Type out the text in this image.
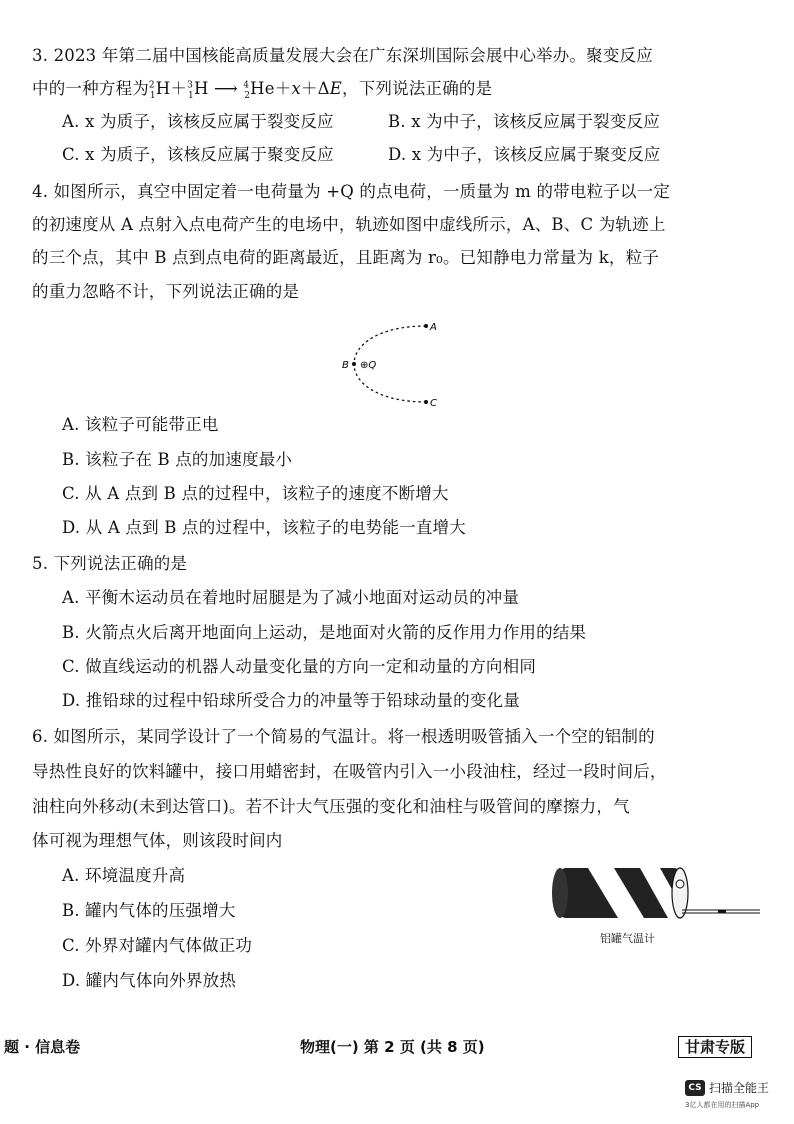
3. 2023 年第二届中国核能高质量发展大会在广东深圳国际会展中心举办。聚变反应
中的一种方程为$^2_1$H＋$^3_1$H ⟶ $^4_2$He＋x＋ΔE，下列说法正确的是
A. x 为质子，该核反应属于裂变反应	B. x 为中子，该核反应属于裂变反应
C. x 为质子，该核反应属于聚变反应	D. x 为中子，该核反应属于聚变反应
4. 如图所示，真空中固定着一电荷量为 +Q 的点电荷，一质量为 m 的带电粒子以一定
的初速度从 A 点射入点电荷产生的电场中，轨迹如图中虚线所示，A、B、C 为轨迹上
的三个点，其中 B 点到点电荷的距离最近，且距离为 r₀。已知静电力常量为 k，粒子
的重力忽略不计，下列说法正确的是
A
C
B ⊕Q
A. 该粒子可能带正电
B. 该粒子在 B 点的加速度最小
C. 从 A 点到 B 点的过程中，该粒子的速度不断增大
D. 从 A 点到 B 点的过程中，该粒子的电势能一直增大
5. 下列说法正确的是
A. 平衡木运动员在着地时屈腿是为了减小地面对运动员的冲量
B. 火箭点火后离开地面向上运动，是地面对火箭的反作用力作用的结果
C. 做直线运动的机器人动量变化量的方向一定和动量的方向相同
D. 推铅球的过程中铅球所受合力的冲量等于铅球动量的变化量
6. 如图所示，某同学设计了一个简易的气温计。将一根透明吸管插入一个空的铝制的
导热性良好的饮料罐中，接口用蜡密封，在吸管内引入一小段油柱，经过一段时间后，
油柱向外移动(未到达管口)。若不计大气压强的变化和油柱与吸管间的摩擦力，气
体可视为理想气体，则该段时间内
A. 环境温度升高
B. 罐内气体的压强增大
C. 外界对罐内气体做正功
D. 罐内气体向外界放热
铝罐气温计
题 · 信息卷	物理(一) 第 2 页 (共 8 页)	甘肃专版
CS 扫描全能王
3亿人都在用的扫描App
